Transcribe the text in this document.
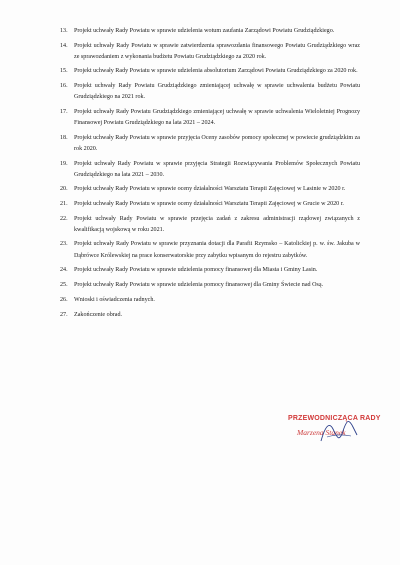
13. Projekt uchwały Rady Powiatu w sprawie udzielenia wotum zaufania Zarządowi Powiatu Grudziądzkiego.
14. Projekt uchwały Rady Powiatu w sprawie zatwierdzenia sprawozdania finansowego Powiatu Grudziądzkiego wraz ze sprawozdaniem z wykonania budżetu Powiatu Grudziądzkiego za 2020 rok.
15. Projekt uchwały Rady Powiatu w sprawie udzielenia absolutorium Zarządowi Powiatu Grudziądzkiego za 2020 rok.
16. Projekt uchwały Rady Powiatu Grudziądzkiego zmieniającej uchwałę w sprawie uchwalenia budżetu Powiatu Grudziądzkiego na 2021 rok.
17. Projekt uchwały Rady Powiatu Grudziądzkiego zmieniającej uchwałę w sprawie uchwalenia Wieloletniej Prognozy Finansowej Powiatu Grudziądzkiego na lata 2021 – 2024.
18. Projekt uchwały Rady Powiatu w sprawie przyjęcia Oceny zasobów pomocy społecznej w powiecie grudziądzkim za rok 2020.
19. Projekt uchwały Rady Powiatu w sprawie przyjęcia Strategii Rozwiązywania Problemów Społecznych Powiatu Grudziądzkiego na lata 2021 – 2030.
20. Projekt uchwały Rady Powiatu w sprawie oceny działalności Warsztatu Terapii Zajęciowej w Lasinie w 2020 r.
21. Projekt uchwały Rady Powiatu w sprawie oceny działalności Warsztatu Terapii Zajęciowej w Grucie w 2020 r.
22. Projekt uchwały Rady Powiatu w sprawie przejęcia zadań z zakresu administracji rządowej związanych z kwalifikacją wojskową w roku 2021.
23. Projekt uchwały Rady Powiatu w sprawie przyznania dotacji dla Parafii Rzymsko – Katolickiej p. w. św. Jakuba w Dąbrówce Królewskiej na prace konserwatorskie przy zabytku wpisanym do rejestru zabytków.
24. Projekt uchwały Rady Powiatu w sprawie udzielenia pomocy finansowej dla Miasta i Gminy Lasin.
25. Projekt uchwały Rady Powiatu w sprawie udzielenia pomocy finansowej dla Gminy Świecie nad Osą.
26. Wnioski i oświadczenia radnych.
27. Zakończenie obrad.
PRZEWODNICZĄCA RADY
Marzena Stanek
